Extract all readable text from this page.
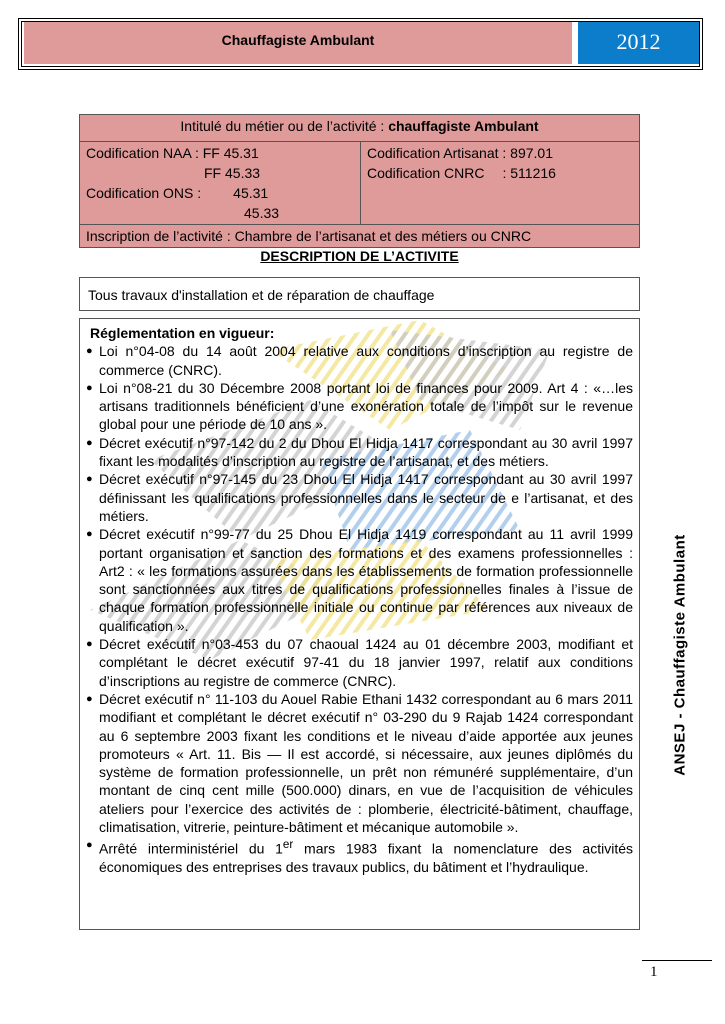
Chauffagiste Ambulant	2012
Intitulé du métier ou de l’activité : chauffagiste Ambulant

Codification NAA : FF 45.31
FF 45.33
Codification ONS : 45.31
45.33

Codification Artisanat : 897.01
Codification CNRC : 511216

Inscription de l’activité : Chambre de l’artisanat et des métiers ou CNRC
DESCRIPTION DE L’ACTIVITE
Tous travaux d'installation et de réparation de chauffage
Réglementation en vigueur:
● Loi n°04-08 du 14 août 2004 relative aux conditions d’inscription au registre de commerce (CNRC).
● Loi n°08-21 du 30 Décembre 2008 portant loi de finances pour 2009. Art 4 : «…les artisans traditionnels bénéficient d’une exonération totale de l’impôt sur le revenue global pour une période de 10 ans ».
● Décret exécutif n°97-142 du 2 du Dhou El Hidja 1417 correspondant au 30 avril 1997 fixant les modalités d’inscription au registre de l’artisanat, et des métiers.
● Décret exécutif n°97-145 du 23 Dhou El Hidja 1417 correspondant au 30 avril 1997 définissant les qualifications professionnelles dans le secteur de e l’artisanat, et des métiers.
● Décret exécutif n°99-77 du 25 Dhou El Hidja 1419 correspondant au 11 avril 1999 portant organisation et sanction des formations et des examens professionnelles : Art2 : « les formations assurées dans les établissements de formation professionnelle sont sanctionnées aux titres de qualifications professionnelles finales à l’issue de chaque formation professionnelle initiale ou continue par références aux niveaux de qualification ».
● Décret exécutif n°03-453 du 07 chaoual 1424 au 01 décembre 2003, modifiant et complétant le décret exécutif 97-41 du 18 janvier 1997, relatif aux conditions d’inscriptions au registre de commerce (CNRC).
● Décret exécutif n° 11-103 du Aouel Rabie Ethani 1432 correspondant au 6 mars 2011 modifiant et complétant le décret exécutif n° 03-290 du 9 Rajab 1424 correspondant au 6 septembre 2003 fixant les conditions et le niveau d’aide apportée aux jeunes promoteurs « Art. 11. Bis — Il est accordé, si nécessaire, aux jeunes diplômés du système de formation professionnelle, un prêt non rémunéré supplémentaire, d’un montant de cinq cent mille (500.000) dinars, en vue de l’acquisition de véhicules ateliers pour l’exercice des activités de : plomberie, électricité-bâtiment, chauffage, climatisation, vitrerie, peinture-bâtiment et mécanique automobile ».
● Arrêté interministériel du 1er mars 1983 fixant la nomenclature des activités économiques des entreprises des travaux publics, du bâtiment et l’hydraulique.
ANSEJ - Chauffagiste Ambulant
1
